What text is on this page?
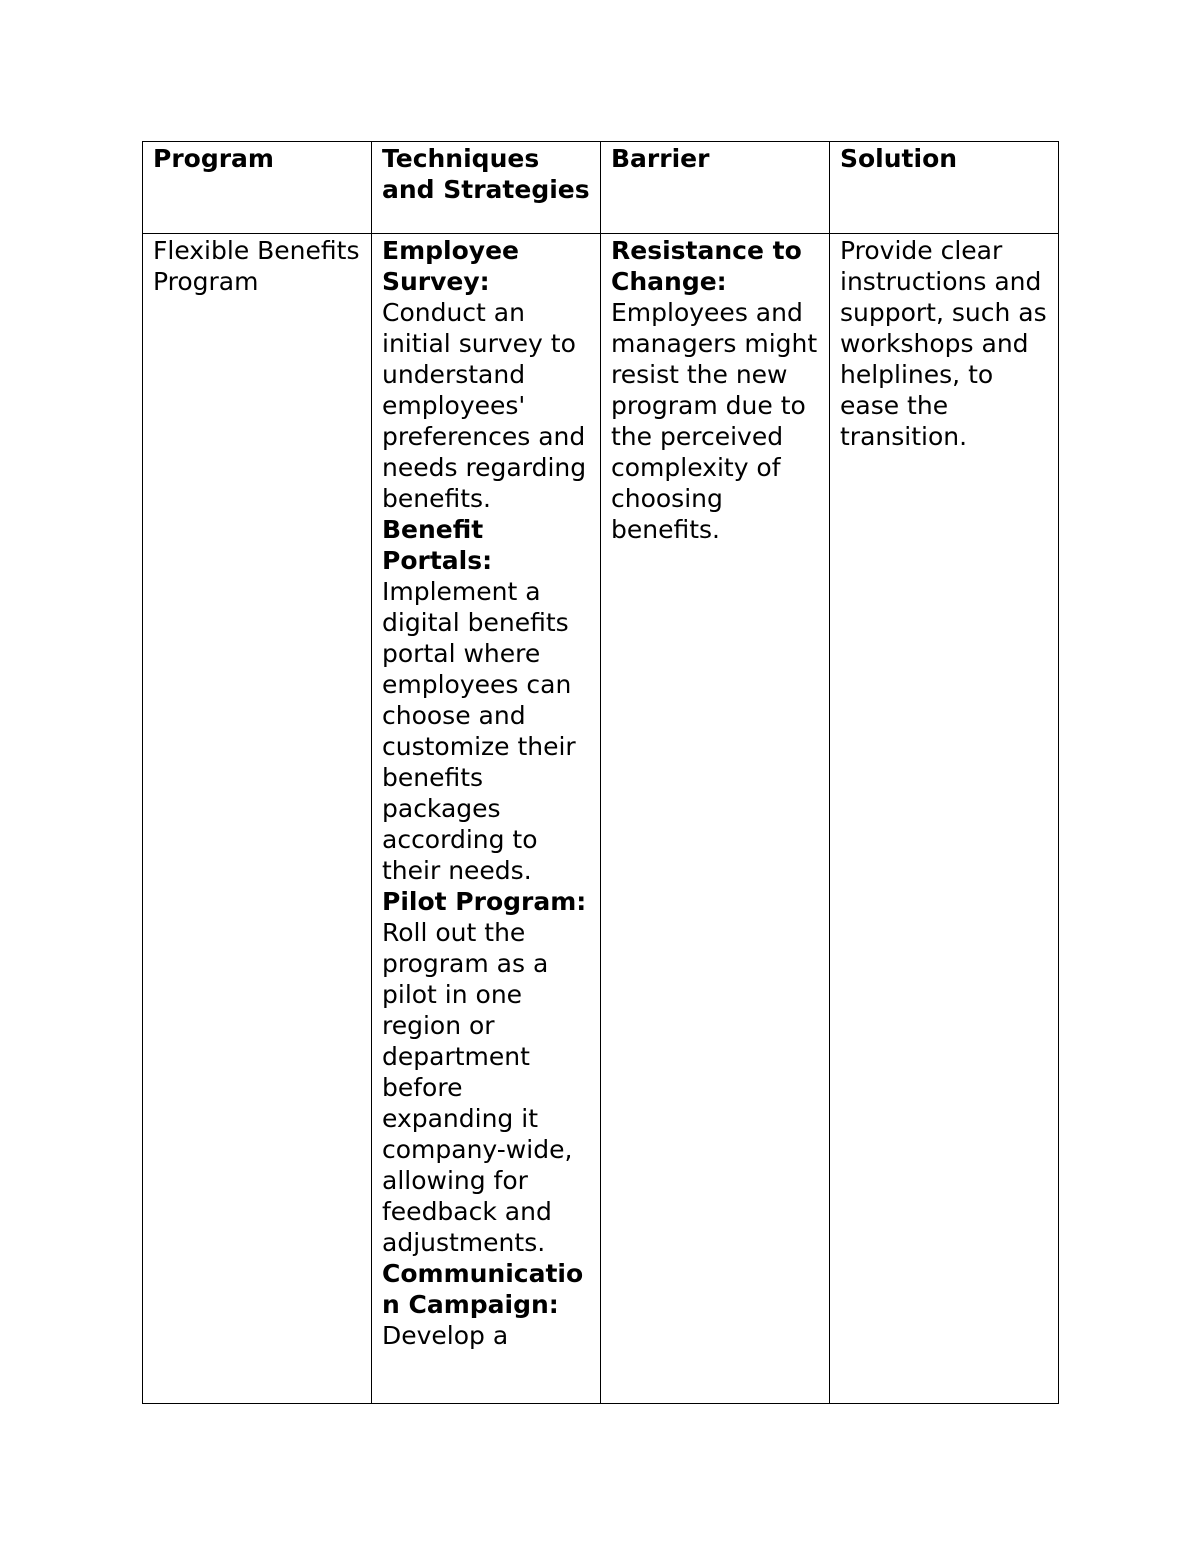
Program	Techniques and Strategies	Barrier	Solution

Flexible Benefits Program	Employee Survey: Conduct an initial survey to understand employees' preferences and needs regarding benefits. Benefit Portals: Implement a digital benefits portal where employees can choose and customize their benefits packages according to their needs. Pilot Program: Roll out the program as a pilot in one region or department before expanding it company-wide, allowing for feedback and adjustments. Communication Campaign: Develop a	Resistance to Change: Employees and managers might resist the new program due to the perceived complexity of choosing benefits.	Provide clear instructions and support, such as workshops and helplines, to ease the transition.
